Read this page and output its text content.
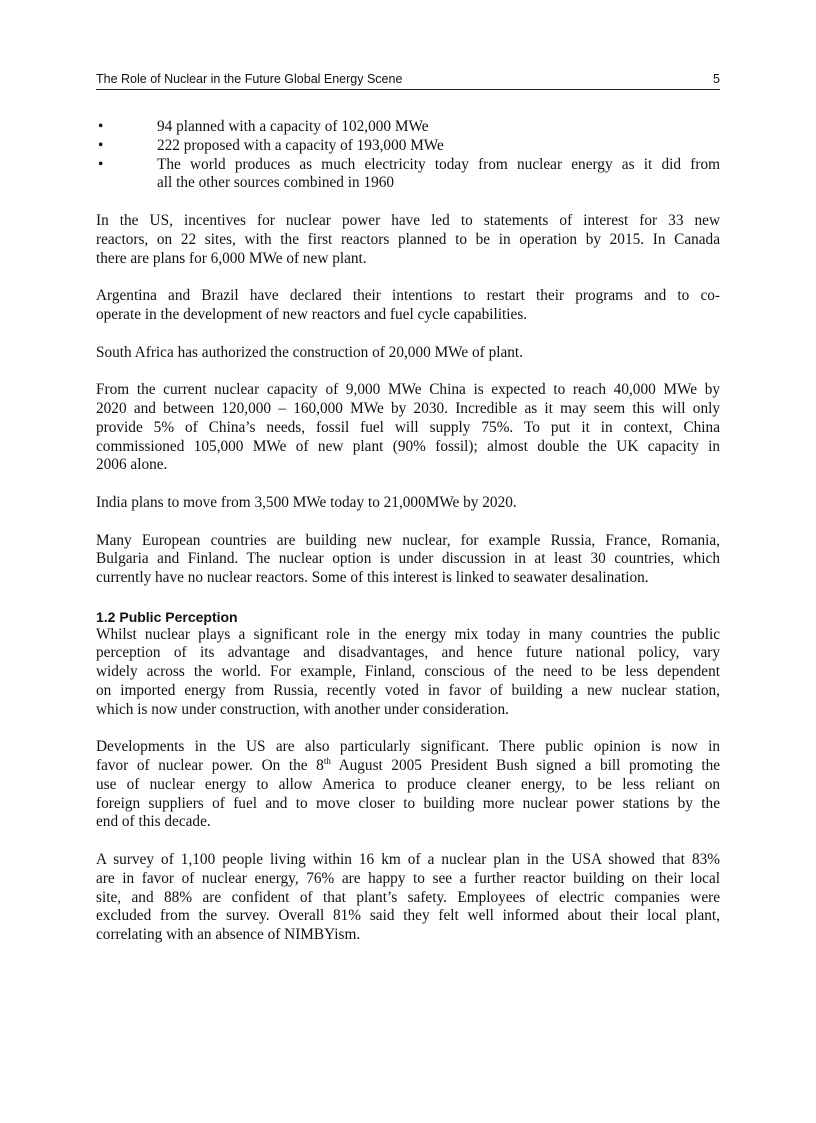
The Role of Nuclear in the Future Global Energy Scene	5
•	94 planned with a capacity of 102,000 MWe
•	222 proposed with a capacity of 193,000 MWe
•	The world produces as much electricity today from nuclear energy as it did from
all the other sources combined in 1960
In the US, incentives for nuclear power have led to statements of interest for 33 new
reactors, on 22 sites, with the first reactors planned to be in operation by 2015. In Canada
there are plans for 6,000 MWe of new plant.
Argentina and Brazil have declared their intentions to restart their programs and to co-
operate in the development of new reactors and fuel cycle capabilities.
South Africa has authorized the construction of 20,000 MWe of plant.
From the current nuclear capacity of 9,000 MWe China is expected to reach 40,000 MWe by
2020 and between 120,000 – 160,000 MWe by 2030. Incredible as it may seem this will only
provide 5% of China’s needs, fossil fuel will supply 75%. To put it in context, China
commissioned 105,000 MWe of new plant (90% fossil); almost double the UK capacity in
2006 alone.
India plans to move from 3,500 MWe today to 21,000MWe by 2020.
Many European countries are building new nuclear, for example Russia, France, Romania,
Bulgaria and Finland. The nuclear option is under discussion in at least 30 countries, which
currently have no nuclear reactors. Some of this interest is linked to seawater desalination.
1.2 Public Perception
Whilst nuclear plays a significant role in the energy mix today in many countries the public
perception of its advantage and disadvantages, and hence future national policy, vary
widely across the world. For example, Finland, conscious of the need to be less dependent
on imported energy from Russia, recently voted in favor of building a new nuclear station,
which is now under construction, with another under consideration.
Developments in the US are also particularly significant. There public opinion is now in
favor of nuclear power. On the 8th August 2005 President Bush signed a bill promoting the
use of nuclear energy to allow America to produce cleaner energy, to be less reliant on
foreign suppliers of fuel and to move closer to building more nuclear power stations by the
end of this decade.
A survey of 1,100 people living within 16 km of a nuclear plan in the USA showed that 83%
are in favor of nuclear energy, 76% are happy to see a further reactor building on their local
site, and 88% are confident of that plant’s safety. Employees of electric companies were
excluded from the survey. Overall 81% said they felt well informed about their local plant,
correlating with an absence of NIMBYism.
